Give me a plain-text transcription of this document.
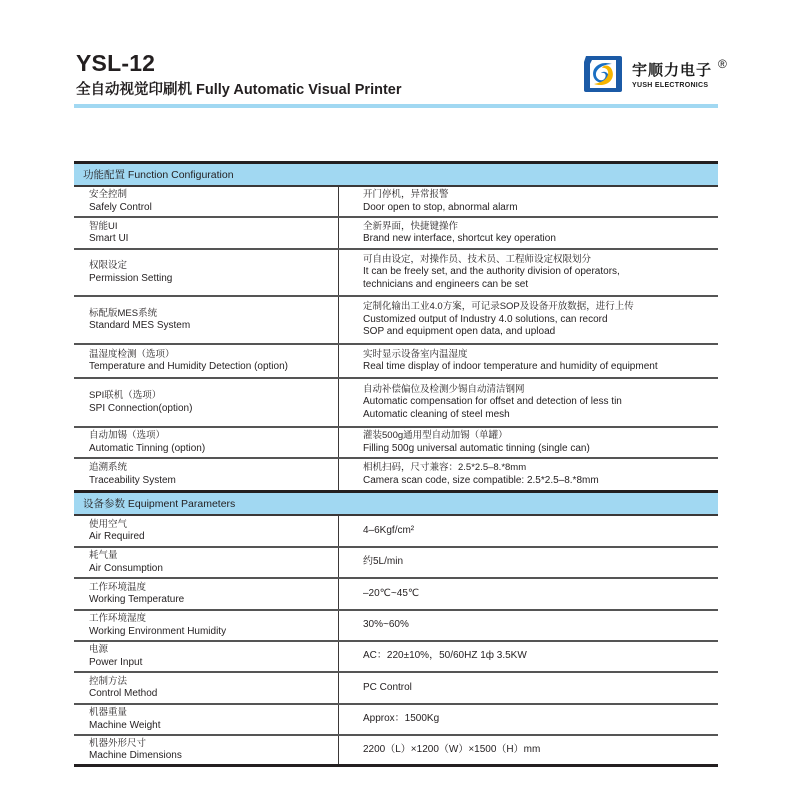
YSL-12
全自动视觉印刷机 Fully Automatic Visual Printer
宇顺力电子 ®
YUSH ELECTRONICS
功能配置 Function Configuration
安全控制
Safely Control
开门停机，异常报警
Door open to stop, abnormal alarm
智能UI
Smart UI
全新界面，快捷键操作
Brand new interface, shortcut key operation
权限设定
Permission Setting
可自由设定，对操作员、技术员、工程师设定权限划分
It can be freely set, and the authority division of operators,
technicians and engineers can be set
标配版MES系统
Standard MES System
定制化输出工业4.0方案，可记录SOP及设备开放数据，进行上传
Customized output of Industry 4.0 solutions, can record
SOP and equipment open data, and upload
温湿度检测（选项）
Temperature and Humidity Detection (option)
实时显示设备室内温湿度
Real time display of indoor temperature and humidity of equipment
SPI联机（选项）
SPI Connection(option)
自动补偿偏位及检测少锡自动清洁钢网
Automatic compensation for offset and detection of less tin
Automatic cleaning of steel mesh
自动加锡（选项）
Automatic Tinning (option)
灌装500g通用型自动加锡（单罐）
Filling 500g universal automatic tinning (single can)
追溯系统
Traceability System
相机扫码，尺寸兼容：2.5*2.5–8.*8mm
Camera scan code, size compatible: 2.5*2.5–8.*8mm
设备参数 Equipment Parameters
使用空气
Air Required
4–6Kgf/cm²
耗气量
Air Consumption
约5L/min
工作环境温度
Working Temperature
–20℃~45℃
工作环境湿度
Working Environment Humidity
30%~60%
电源
Power Input
AC：220±10%，50/60HZ 1ф 3.5KW
控制方法
Control Method
PC Control
机器重量
Machine Weight
Approx：1500Kg
机器外形尺寸
Machine Dimensions
2200（L）×1200（W）×1500（H）mm
